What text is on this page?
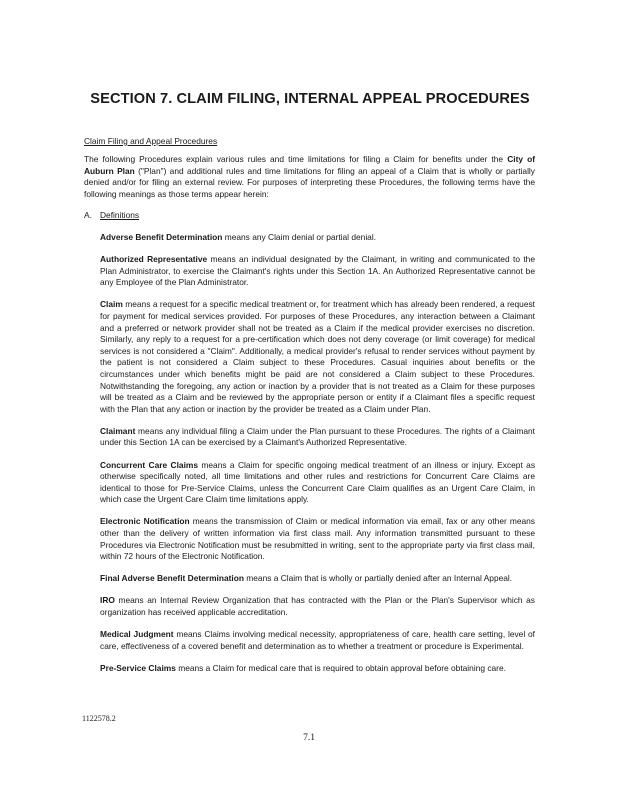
SECTION 7. CLAIM FILING, INTERNAL APPEAL PROCEDURES

Claim Filing and Appeal Procedures

The following Procedures explain various rules and time limitations for filing a Claim for benefits under the City of Auburn Plan ("Plan") and additional rules and time limitations for filing an appeal of a Claim that is wholly or partially denied and/or for filing an external review. For purposes of interpreting these Procedures, the following terms have the following meanings as those terms appear herein:

A. Definitions

Adverse Benefit Determination means any Claim denial or partial denial.

Authorized Representative means an individual designated by the Claimant, in writing and communicated to the Plan Administrator, to exercise the Claimant's rights under this Section 1A. An Authorized Representative cannot be any Employee of the Plan Administrator.

Claim means a request for a specific medical treatment or, for treatment which has already been rendered, a request for payment for medical services provided. For purposes of these Procedures, any interaction between a Claimant and a preferred or network provider shall not be treated as a Claim if the medical provider exercises no discretion. Similarly, any reply to a request for a pre-certification which does not deny coverage (or limit coverage) for medical services is not considered a "Claim". Additionally, a medical provider's refusal to render services without payment by the patient is not considered a Claim subject to these Procedures. Casual inquiries about benefits or the circumstances under which benefits might be paid are not considered a Claim subject to these Procedures. Notwithstanding the foregoing, any action or inaction by a provider that is not treated as a Claim for these purposes will be treated as a Claim and be reviewed by the appropriate person or entity if a Claimant files a specific request with the Plan that any action or inaction by the provider be treated as a Claim under Plan.

Claimant means any individual filing a Claim under the Plan pursuant to these Procedures. The rights of a Claimant under this Section 1A can be exercised by a Claimant's Authorized Representative.

Concurrent Care Claims means a Claim for specific ongoing medical treatment of an illness or injury. Except as otherwise specifically noted, all time limitations and other rules and restrictions for Concurrent Care Claims are identical to those for Pre-Service Claims, unless the Concurrent Care Claim qualifies as an Urgent Care Claim, in which case the Urgent Care Claim time limitations apply.

Electronic Notification means the transmission of Claim or medical information via email, fax or any other means other than the delivery of written information via first class mail. Any information transmitted pursuant to these Procedures via Electronic Notification must be resubmitted in writing, sent to the appropriate party via first class mail, within 72 hours of the Electronic Notification.

Final Adverse Benefit Determination means a Claim that is wholly or partially denied after an Internal Appeal.

IRO means an Internal Review Organization that has contracted with the Plan or the Plan's Supervisor which as organization has received applicable accreditation.

Medical Judgment means Claims involving medical necessity, appropriateness of care, health care setting, level of care, effectiveness of a covered benefit and determination as to whether a treatment or procedure is Experimental.

Pre-Service Claims means a Claim for medical care that is required to obtain approval before obtaining care.

1122578.2

7.1
